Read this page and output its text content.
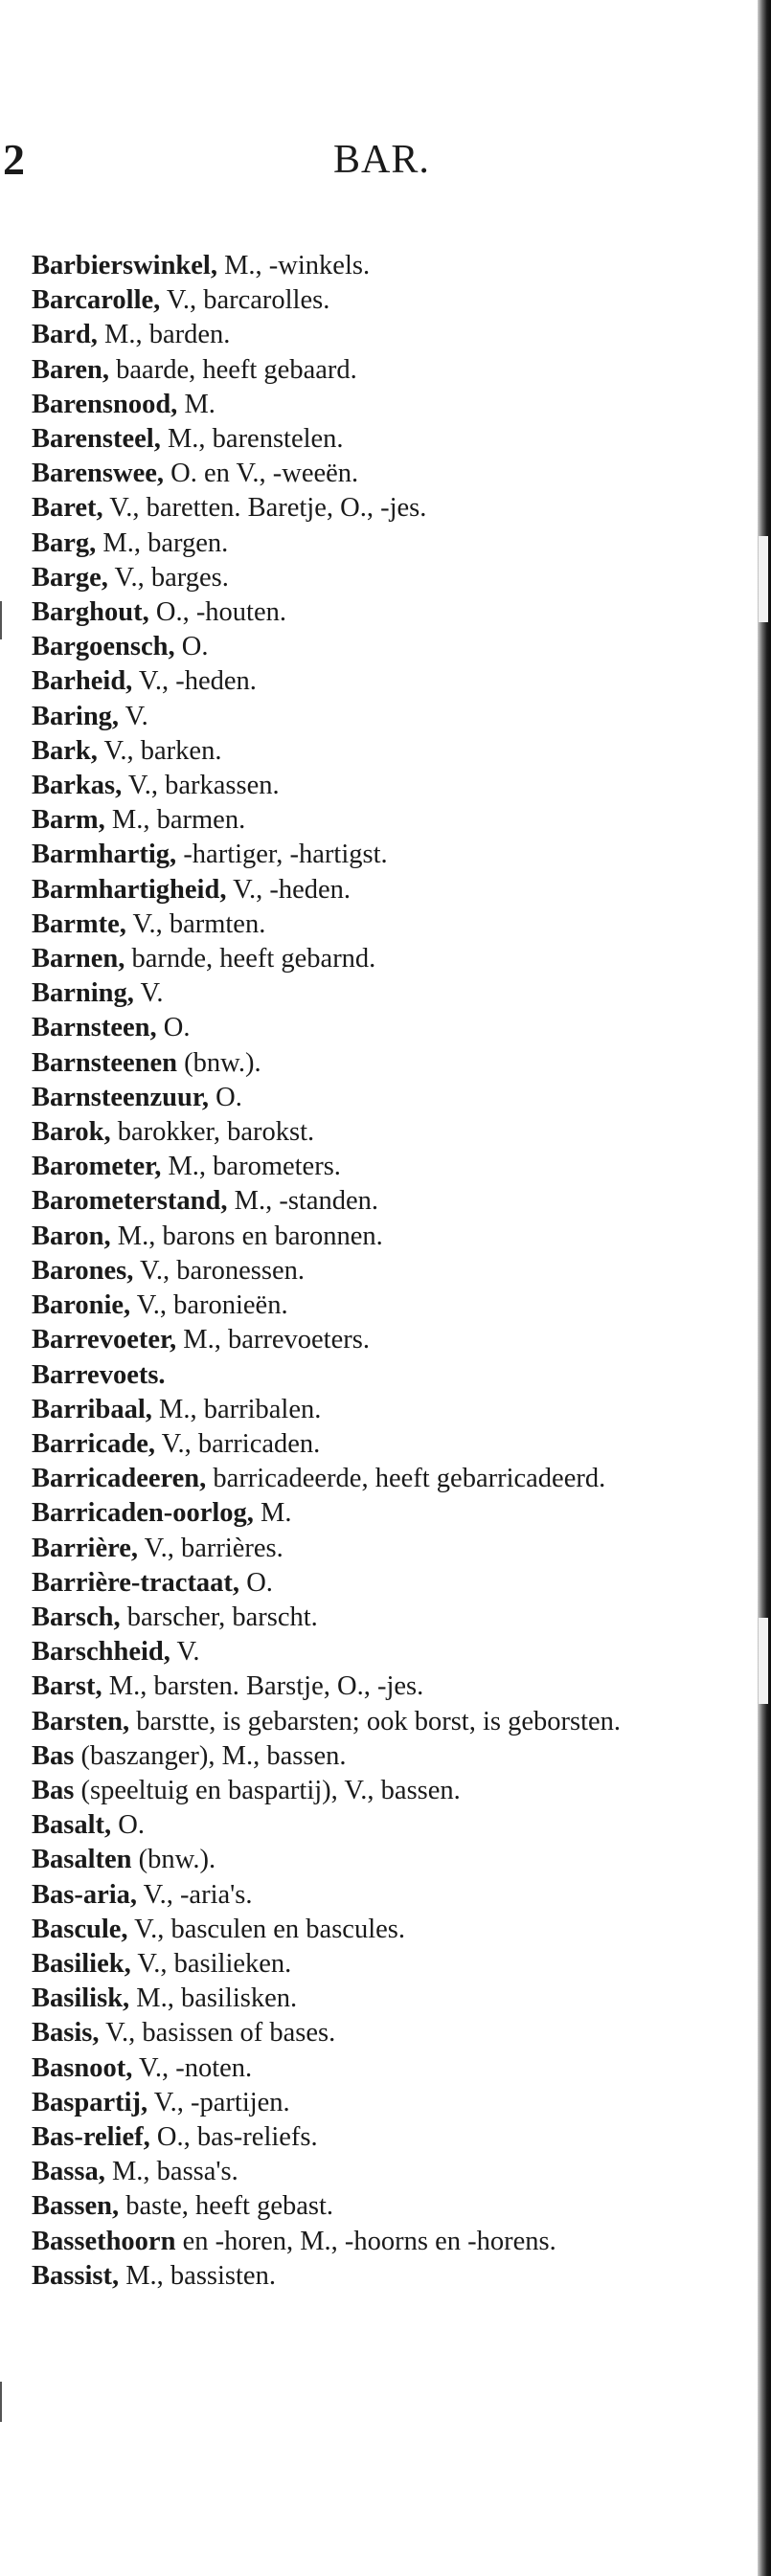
2	BAR.
Barbierswinkel, M., -winkels.
Barcarolle, V., barcarolles.
Bard, M., barden.
Baren, baarde, heeft gebaard.
Barensnood, M.
Barensteel, M., barenstelen.
Barenswee, O. en V., -weeën.
Baret, V., baretten. Baretje, O., -jes.
Barg, M., bargen.
Barge, V., barges.
Barghout, O., -houten.
Bargoensch, O.
Barheid, V., -heden.
Baring, V.
Bark, V., barken.
Barkas, V., barkassen.
Barm, M., barmen.
Barmhartig, -hartiger, -hartigst.
Barmhartigheid, V., -heden.
Barmte, V., barmten.
Barnen, barnde, heeft gebarnd.
Barning, V.
Barnsteen, O.
Barnsteenen (bnw.).
Barnsteenzuur, O.
Barok, barokker, barokst.
Barometer, M., barometers.
Barometerstand, M., -standen.
Baron, M., barons en baronnen.
Barones, V., baronessen.
Baronie, V., baronieën.
Barrevoeter, M., barrevoeters.
Barrevoets.
Barribaal, M., barribalen.
Barricade, V., barricaden.
Barricadeeren, barricadeerde, heeft gebarricadeerd.
Barricaden-oorlog, M.
Barrière, V., barrières.
Barrière-tractaat, O.
Barsch, barscher, barscht.
Barschheid, V.
Barst, M., barsten. Barstje, O., -jes.
Barsten, barstte, is gebarsten; ook borst, is geborsten.
Bas (baszanger), M., bassen.
Bas (speeltuig en baspartij), V., bassen.
Basalt, O.
Basalten (bnw.).
Bas-aria, V., -aria's.
Bascule, V., basculen en bascules.
Basiliek, V., basilieken.
Basilisk, M., basilisken.
Basis, V., basissen of bases.
Basnoot, V., -noten.
Baspartij, V., -partijen.
Bas-relief, O., bas-reliefs.
Bassa, M., bassa's.
Bassen, baste, heeft gebast.
Bassethoorn en -horen, M., -hoorns en -horens.
Bassist, M., bassisten.
